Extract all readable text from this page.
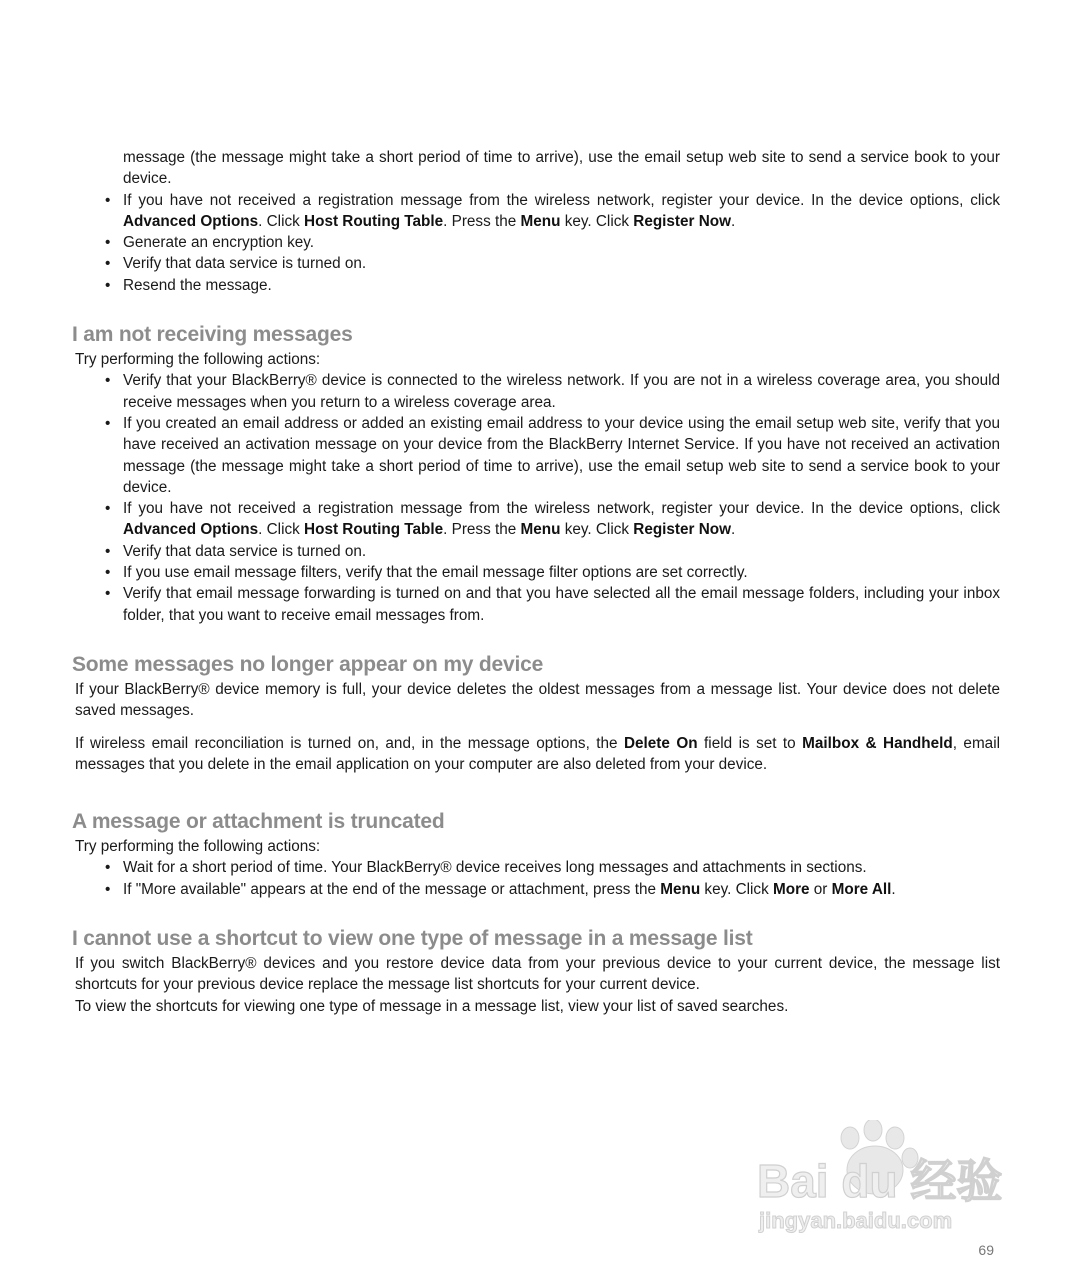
message (the message might take a short period of time to arrive), use the email setup web site to send a service book to your device.

• If you have not received a registration message from the wireless network, register your device. In the device options, click Advanced Options. Click Host Routing Table. Press the Menu key. Click Register Now.
• Generate an encryption key.
• Verify that data service is turned on.
• Resend the message.
I am not receiving messages

Try performing the following actions:

• Verify that your BlackBerry® device is connected to the wireless network. If you are not in a wireless coverage area, you should receive messages when you return to a wireless coverage area.
• If you created an email address or added an existing email address to your device using the email setup web site, verify that you have received an activation message on your device from the BlackBerry Internet Service. If you have not received an activation message (the message might take a short period of time to arrive), use the email setup web site to send a service book to your device.
• If you have not received a registration message from the wireless network, register your device. In the device options, click Advanced Options. Click Host Routing Table. Press the Menu key. Click Register Now.
• Verify that data service is turned on.
• If you use email message filters, verify that the email message filter options are set correctly.
• Verify that email message forwarding is turned on and that you have selected all the email message folders, including your inbox folder, that you want to receive email messages from.
Some messages no longer appear on my device

If your BlackBerry® device memory is full, your device deletes the oldest messages from a message list. Your device does not delete saved messages.

If wireless email reconciliation is turned on, and, in the message options, the Delete On field is set to Mailbox & Handheld, email messages that you delete in the email application on your computer are also deleted from your device.

A message or attachment is truncated

Try performing the following actions:

• Wait for a short period of time. Your BlackBerry® device receives long messages and attachments in sections.
• If "More available" appears at the end of the message or attachment, press the Menu key. Click More or More All.
I cannot use a shortcut to view one type of message in a message list

If you switch BlackBerry® devices and you restore device data from your previous device to your current device, the message list shortcuts for your previous device replace the message list shortcuts for your current device.

To view the shortcuts for viewing one type of message in a message list, view your list of saved searches.

Bai du 经验
jingyan.baidu.com
69
